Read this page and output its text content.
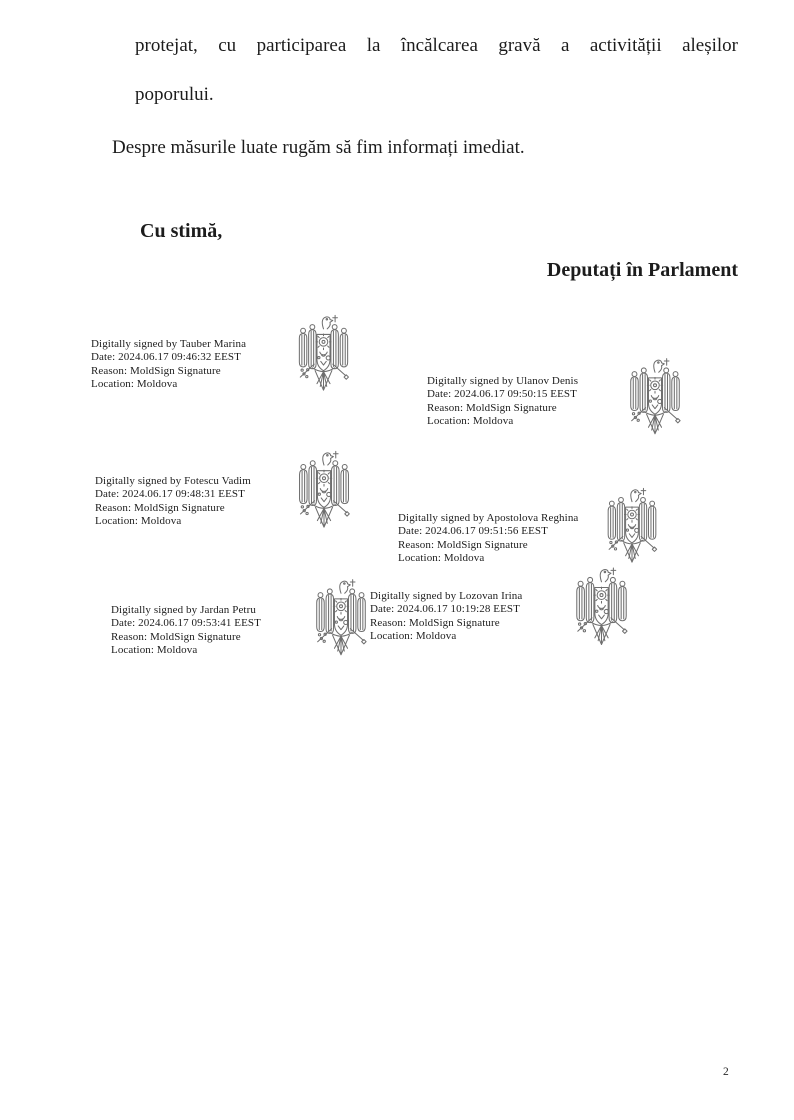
protejat, cu participarea la încălcarea gravă a activității aleșilor
poporului.
Despre măsurile luate rugăm să fim informați imediat.
Cu stimă,
Deputați în Parlament
Digitally signed by Tauber Marina
Date: 2024.06.17 09:46:32 EEST
Reason: MoldSign Signature
Location: Moldova	Digitally signed by Ulanov Denis
Date: 2024.06.17 09:50:15 EEST
Reason: MoldSign Signature
Location: Moldova
Digitally signed by Fotescu Vadim
Date: 2024.06.17 09:48:31 EEST
Reason: MoldSign Signature
Location: Moldova	Digitally signed by Apostolova Reghina
Date: 2024.06.17 09:51:56 EEST
Reason: MoldSign Signature
Location: Moldova
Digitally signed by Jardan Petru
Date: 2024.06.17 09:53:41 EEST
Reason: MoldSign Signature
Location: Moldova
Digitally signed by Lozovan Irina
Date: 2024.06.17 10:19:28 EEST
Reason: MoldSign Signature
Location: Moldova
2
